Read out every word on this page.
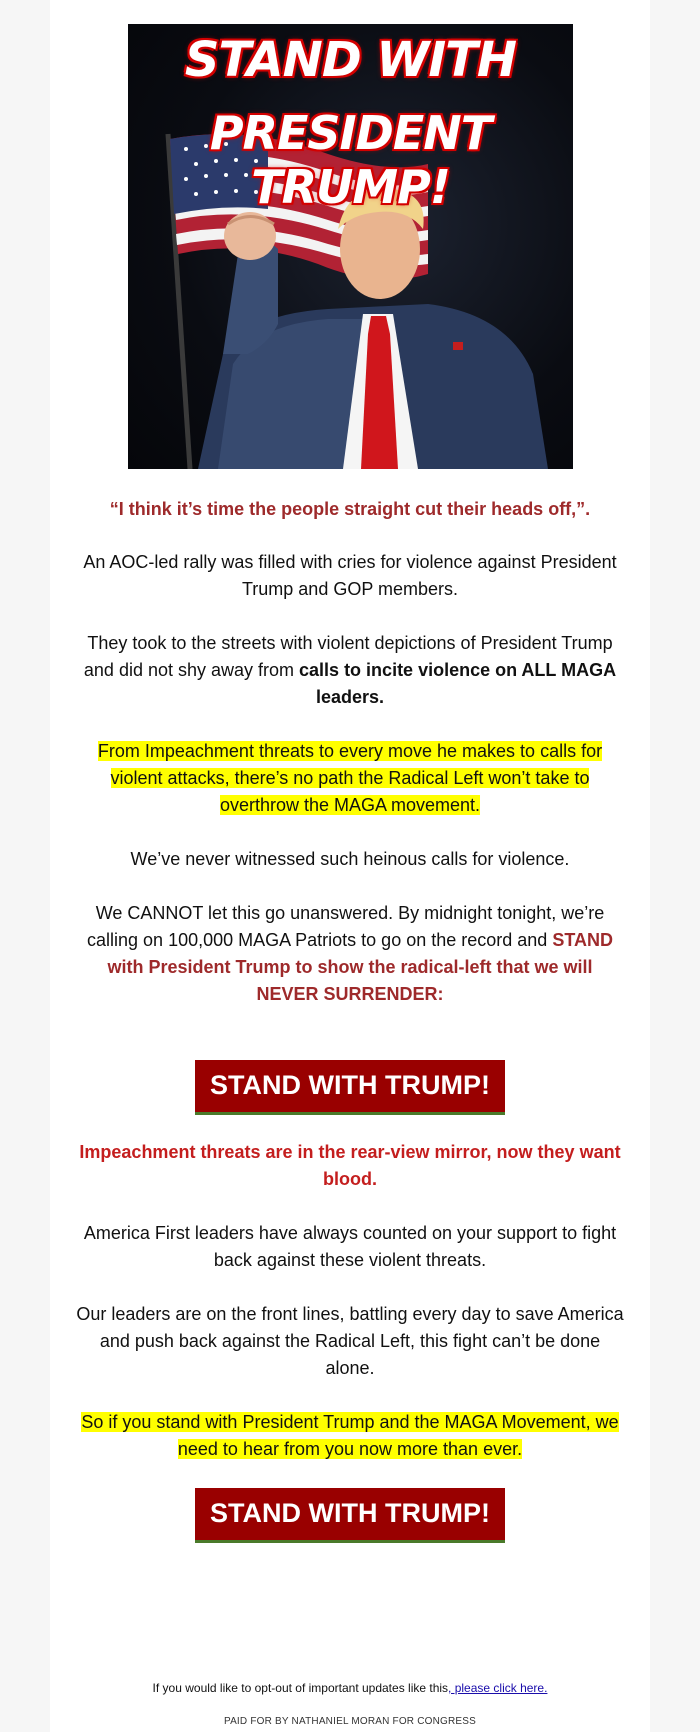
STAND WITH
PRESIDENT TRUMP!
“I think it’s time the people straight cut their heads off,”.
An AOC-led rally was filled with cries for violence against President Trump and GOP members.
They took to the streets with violent depictions of President Trump and did not shy away from calls to incite violence on ALL MAGA leaders.
From Impeachment threats to every move he makes to calls for violent attacks, there’s no path the Radical Left won’t take to overthrow the MAGA movement.
We’ve never witnessed such heinous calls for violence.
We CANNOT let this go unanswered. By midnight tonight, we’re calling on 100,000 MAGA Patriots to go on the record and STAND with President Trump to show the radical-left that we will NEVER SURRENDER:
STAND WITH TRUMP!
Impeachment threats are in the rear-view mirror, now they want blood.
America First leaders have always counted on your support to fight back against these violent threats.
Our leaders are on the front lines, battling every day to save America and push back against the Radical Left, this fight can’t be done alone.
So if you stand with President Trump and the MAGA Movement, we need to hear from you now more than ever.
STAND WITH TRUMP!
If you would like to opt-out of important updates like this, please click here.
PAID FOR BY NATHANIEL MORAN FOR CONGRESS
